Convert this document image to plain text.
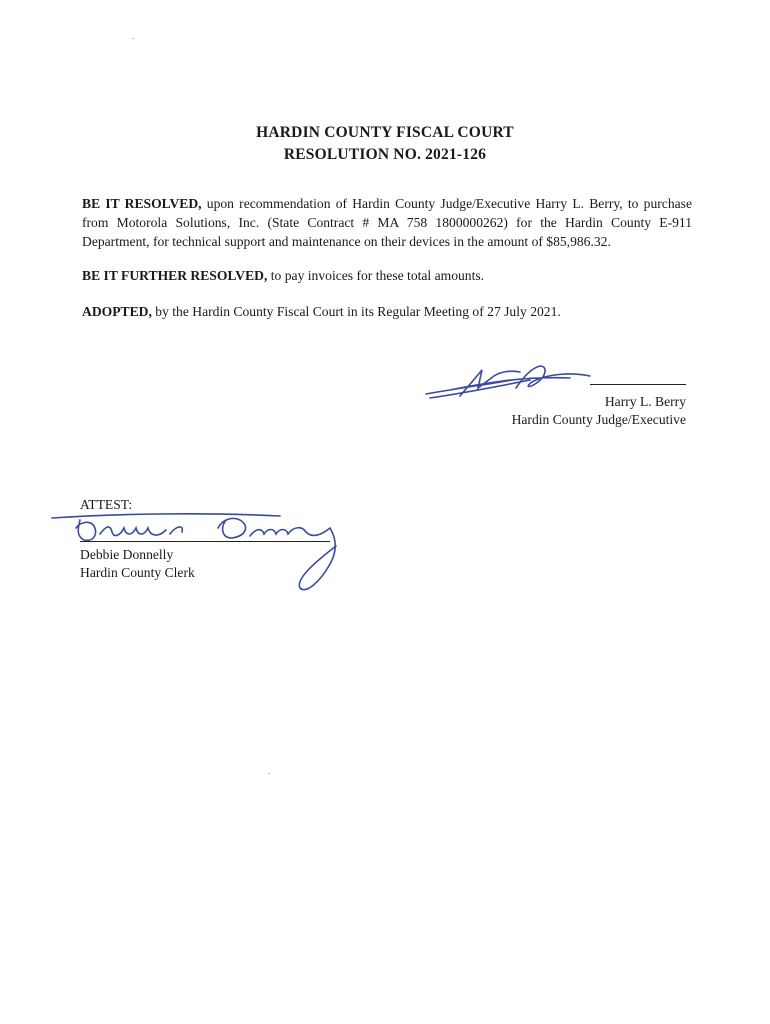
HARDIN COUNTY FISCAL COURT
RESOLUTION NO. 2021-126
BE IT RESOLVED, upon recommendation of Hardin County Judge/Executive Harry L. Berry, to purchase from Motorola Solutions, Inc. (State Contract # MA 758 1800000262) for the Hardin County E-911 Department, for technical support and maintenance on their devices in the amount of $85,986.32.
BE IT FURTHER RESOLVED, to pay invoices for these total amounts.
ADOPTED, by the Hardin County Fiscal Court in its Regular Meeting of 27 July 2021.
Harry L. Berry
Hardin County Judge/Executive
ATTEST:
Debbie Donnelly
Hardin County Clerk
